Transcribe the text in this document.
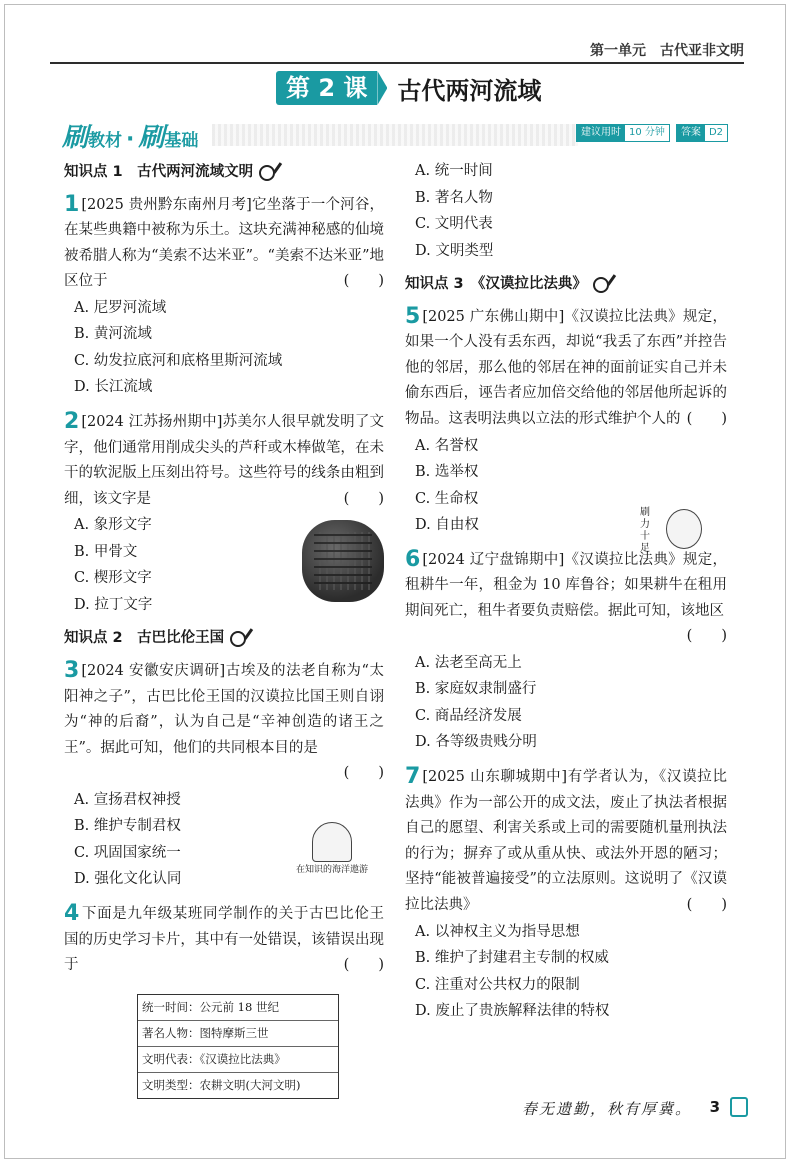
第一单元　古代亚非文明
第 2 课	古代两河流域
刷 教材 · 刷 基础	建议用时 10 分钟	答案 D2
知识点 1　古代两河流域文明
1 [2025 贵州黔东南州月考]它坐落于一个河谷，在某些典籍中被称为乐土。这块充满神秘感的仙境被希腊人称为“美索不达米亚”。“美索不达米亚”地区位于	(　　)
A. 尼罗河流域
B. 黄河流域
C. 幼发拉底河和底格里斯河流域
D. 长江流域
2 [2024 江苏扬州期中]苏美尔人很早就发明了文字，他们通常用削成尖头的芦秆或木棒做笔，在未干的软泥版上压刻出符号。这些符号的线条由粗到细，该文字是	(　　)
A. 象形文字
B. 甲骨文
C. 楔形文字
D. 拉丁文字
知识点 2　古巴比伦王国
3 [2024 安徽安庆调研]古埃及的法老自称为“太阳神之子”，古巴比伦王国的汉谟拉比国王则自诩为“神的后裔”，认为自己是“辛神创造的诸王之王”。据此可知，他们的共同根本目的是
(　　)
A. 宣扬君权神授
B. 维护专制君权
C. 巩固国家统一
D. 强化文化认同
4 下面是九年级某班同学制作的关于古巴比伦王国的历史学习卡片，其中有一处错误，该错误出现于	(　　)
统一时间：公元前 18 世纪
著名人物：图特摩斯三世
文明代表：《汉谟拉比法典》
文明类型：农耕文明(大河文明)
在知识的海洋遨游
A. 统一时间
B. 著名人物
C. 文明代表
D. 文明类型
知识点 3　《汉谟拉比法典》
5 [2025 广东佛山期中]《汉谟拉比法典》规定，如果一个人没有丢东西，却说“我丢了东西”并控告他的邻居，那么他的邻居在神的面前证实自己并未偷东西后，诬告者应加倍交给他的邻居他所起诉的物品。这表明法典以立法的形式维护个人的 (　　)
A. 名誉权
B. 选举权
C. 生命权
D. 自由权
6 [2024 辽宁盘锦期中]《汉谟拉比法典》规定，租耕牛一年，租金为 10 库鲁谷；如果耕牛在租用期间死亡，租牛者要负责赔偿。据此可知，该地区
(　　)
A. 法老至高无上
B. 家庭奴隶制盛行
C. 商品经济发展
D. 各等级贵贱分明
7 [2025 山东聊城期中]有学者认为，《汉谟拉比法典》作为一部公开的成文法，废止了执法者根据自己的愿望、利害关系或上司的需要随机量刑执法的行为；摒弃了或从重从快、或法外开恩的陋习；坚持“能被普遍接受”的立法原则。这说明了《汉谟拉比法典》	(　　)
A. 以神权主义为指导思想
B. 维护了封建君主专制的权威
C. 注重对公共权力的限制
D. 废止了贵族解释法律的特权
刷力十足
春无遗勤，秋有厚冀。 3
